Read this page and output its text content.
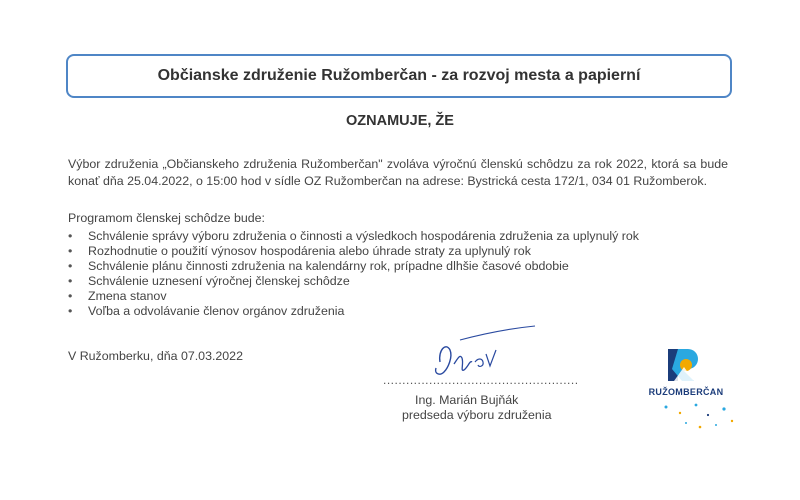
Občianske združenie Ružomberčan - za rozvoj mesta a papierní
OZNAMUJE, ŽE

Výbor združenia „Občianskeho združenia Ružomberčan" zvoláva výročnú členskú schôdzu za rok 2022, ktorá sa bude konať dňa 25.04.2022, o 15:00 hod v sídle OZ Ružomberčan na adrese: Bystrická cesta 172/1, 034 01 Ružomberok.

Programom členskej schôdze bude:
• Schválenie správy výboru združenia o činnosti a výsledkoch hospodárenia združenia za uplynulý rok
• Rozhodnutie o použití výnosov hospodárenia alebo úhrade straty za uplynulý rok
• Schválenie plánu činnosti združenia na kalendárny rok, prípadne dlhšie časové obdobie
• Schválenie uznesení výročnej členskej schôdze
• Zmena stanov
• Voľba a odvolávanie členov orgánov združenia
V Ružomberku, dňa 07.03.2022
...................................................
Ing. Marián Bujňák
predseda výboru združenia
RUŽOMBERČAN
